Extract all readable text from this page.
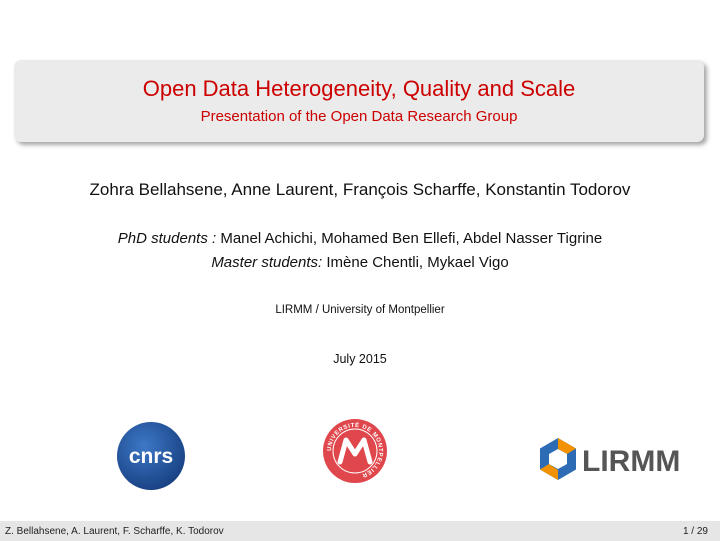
Open Data Heterogeneity, Quality and Scale
Presentation of the Open Data Research Group
Zohra Bellahsene, Anne Laurent, François Scharffe, Konstantin Todorov
PhD students : Manel Achichi, Mohamed Ben Ellefi, Abdel Nasser Tigrine
Master students: Imène Chentli, Mykael Vigo
LIRMM / University of Montpellier
July 2015
cnrs	UNIVERSITÉ DE MONTPELLIER	LIRMM
Z. Bellahsene, A. Laurent, F. Scharffe, K. Todorov	1 / 29
